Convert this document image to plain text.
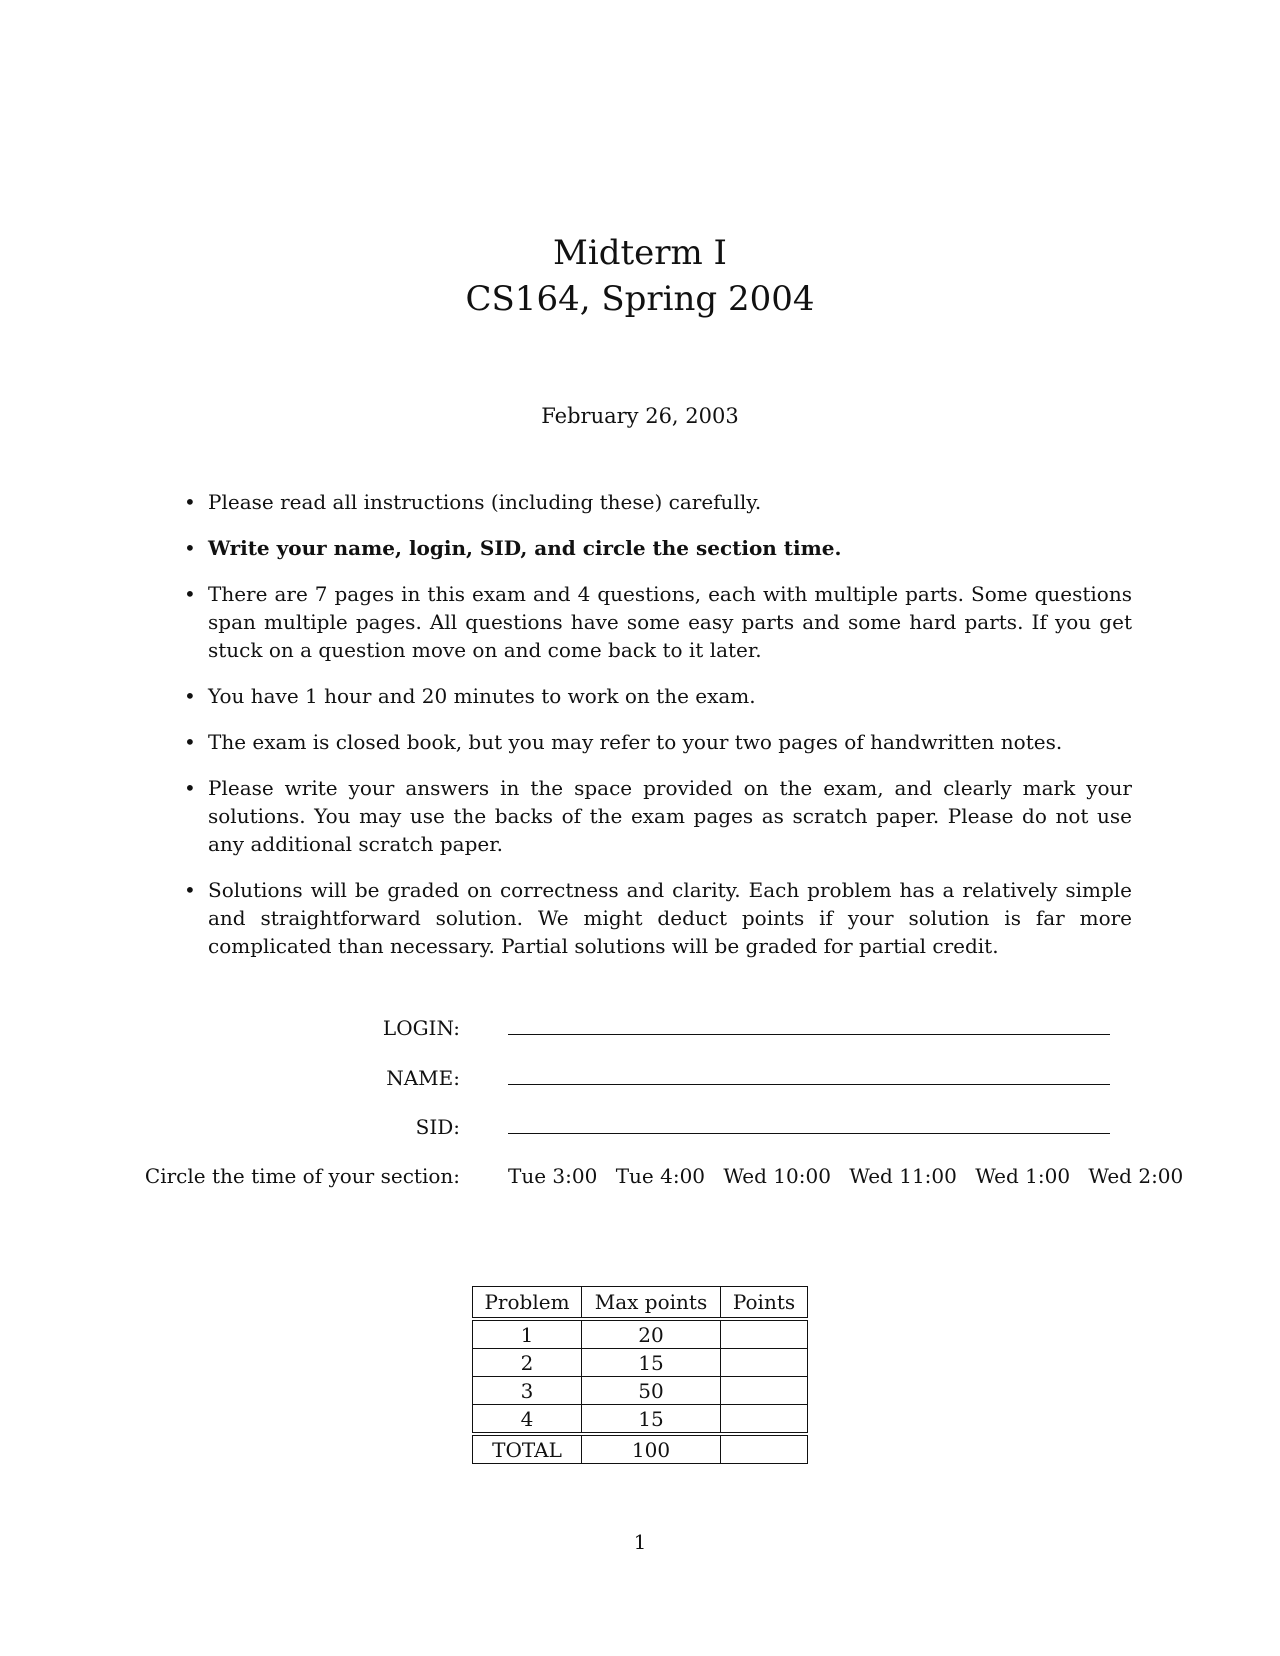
Midterm I
CS164, Spring 2004
February 26, 2003
• Please read all instructions (including these) carefully.
• Write your name, login, SID, and circle the section time.
• There are 7 pages in this exam and 4 questions, each with multiple parts. Some questions span multiple pages. All questions have some easy parts and some hard parts. If you get stuck on a question move on and come back to it later.
• You have 1 hour and 20 minutes to work on the exam.
• The exam is closed book, but you may refer to your two pages of handwritten notes.
• Please write your answers in the space provided on the exam, and clearly mark your solutions. You may use the backs of the exam pages as scratch paper. Please do not use any additional scratch paper.
• Solutions will be graded on correctness and clarity. Each problem has a relatively simple and straightforward solution. We might deduct points if your solution is far more complicated than necessary. Partial solutions will be graded for partial credit.
LOGIN:
NAME:
SID:
Circle the time of your section: Tue 3:00 Tue 4:00 Wed 10:00 Wed 11:00 Wed 1:00 Wed 2:00
Problem	Max points	Points
1	20	
2	15	
3	50	
4	15	
TOTAL	100	
1
